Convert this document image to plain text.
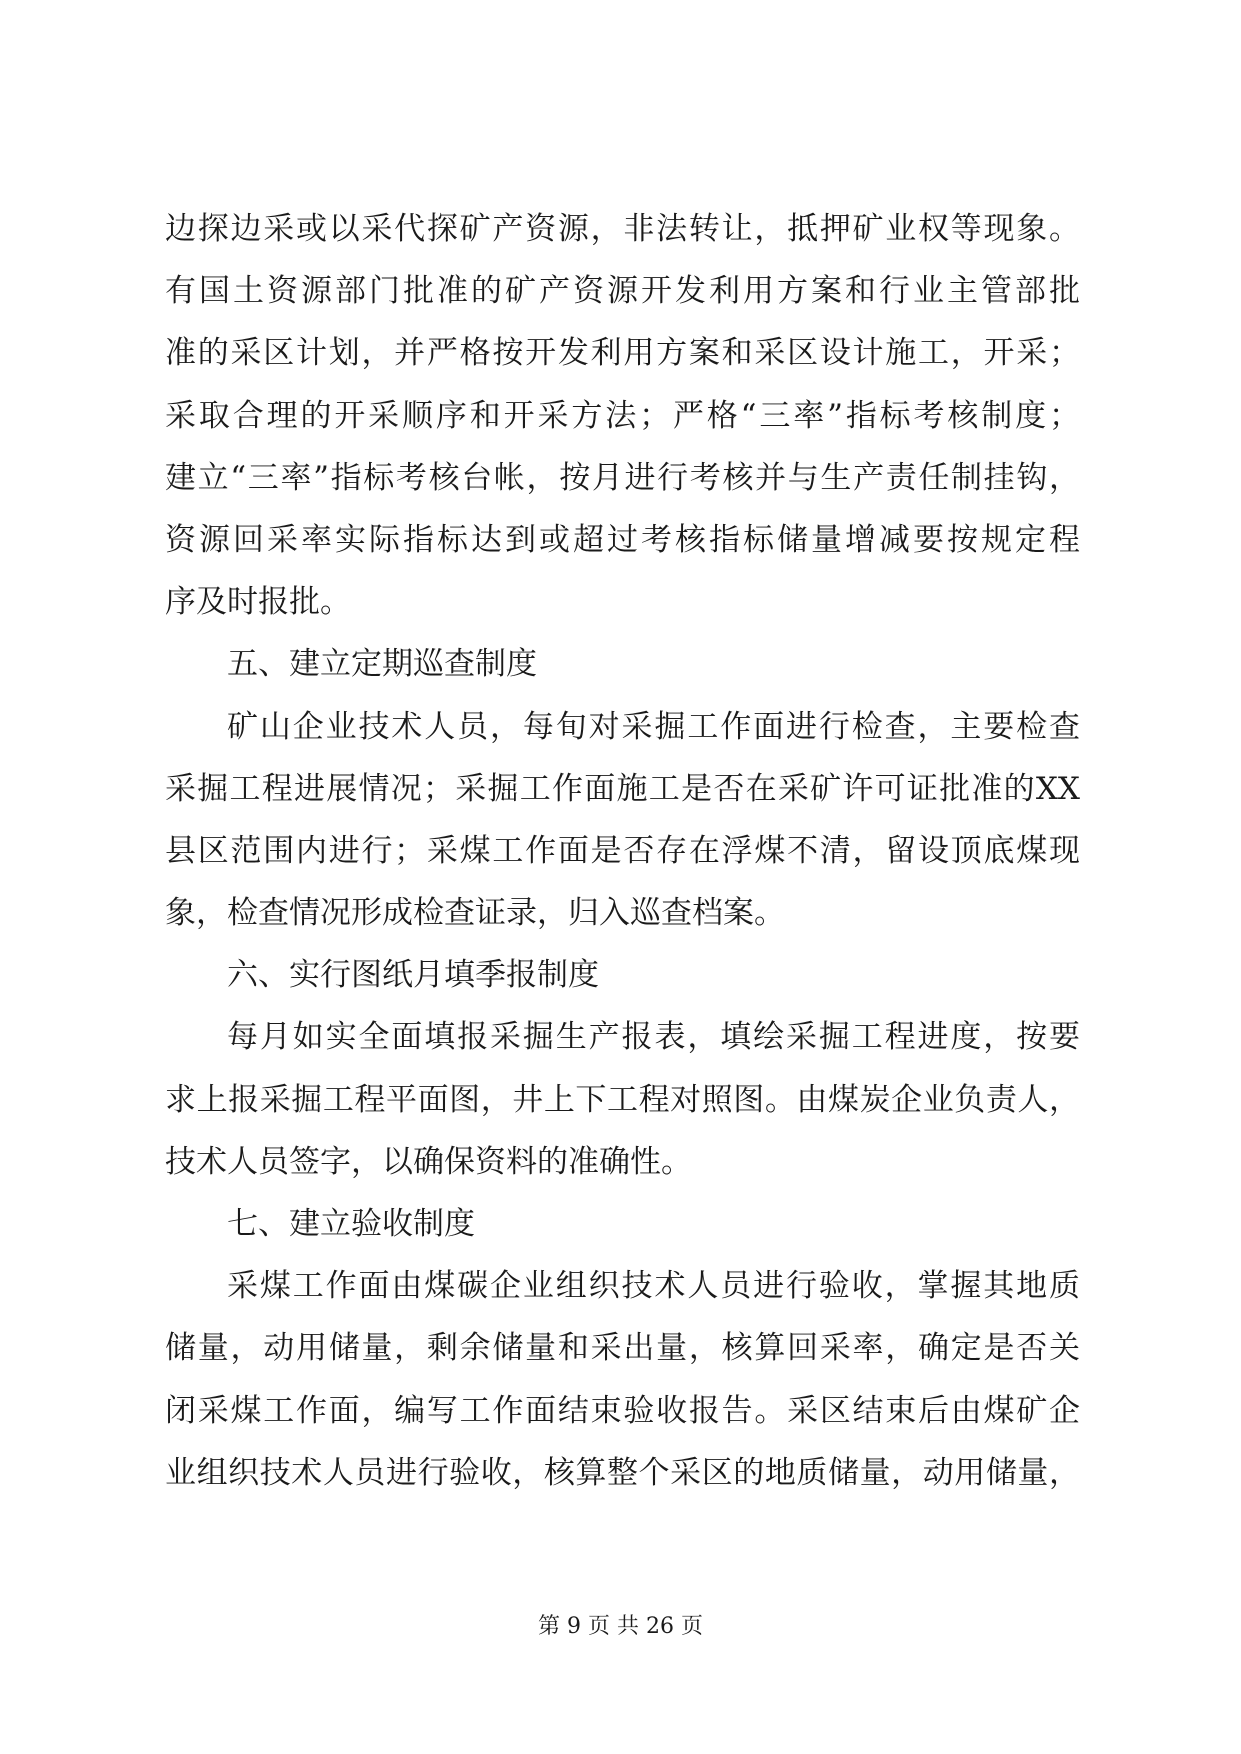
边探边采或以采代探矿产资源，非法转让，抵押矿业权等现象。
有国土资源部门批准的矿产资源开发利用方案和行业主管部批
准的采区计划，并严格按开发利用方案和采区设计施工，开采；
采取合理的开采顺序和开采方法；严格“三率”指标考核制度；
建立“三率”指标考核台帐，按月进行考核并与生产责任制挂钩，
资源回采率实际指标达到或超过考核指标储量增减要按规定程
序及时报批。
五、建立定期巡查制度
矿山企业技术人员，每旬对采掘工作面进行检查，主要检查
采掘工程进展情况；采掘工作面施工是否在采矿许可证批准的XX
县区范围内进行；采煤工作面是否存在浮煤不清，留设顶底煤现
象，检查情况形成检查证录，归入巡查档案。
六、实行图纸月填季报制度
每月如实全面填报采掘生产报表，填绘采掘工程进度，按要
求上报采掘工程平面图，井上下工程对照图。由煤炭企业负责人，
技术人员签字，以确保资料的准确性。
七、建立验收制度
采煤工作面由煤碳企业组织技术人员进行验收，掌握其地质
储量，动用储量，剩余储量和采出量，核算回采率，确定是否关
闭采煤工作面，编写工作面结束验收报告。采区结束后由煤矿企
业组织技术人员进行验收，核算整个采区的地质储量，动用储量，
第 9 页 共 26 页
